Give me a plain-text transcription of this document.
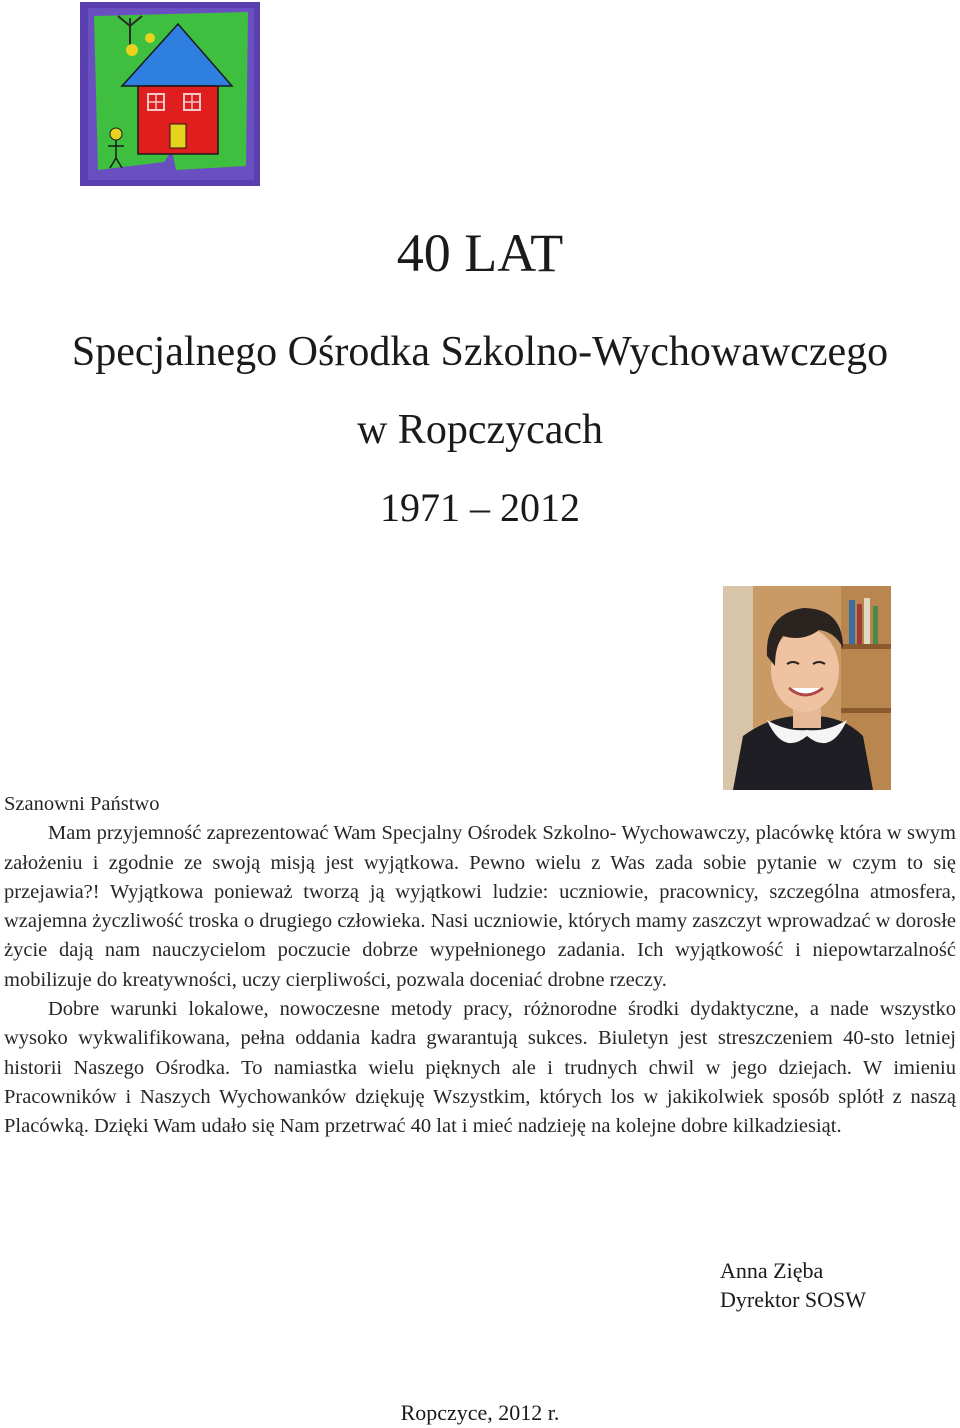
40 LAT
Specjalnego Ośrodka Szkolno-Wychowawczego
w Ropczycach
1971 – 2012

Szanowni Państwo

Mam przyjemność zaprezentować Wam Specjalny Ośrodek Szkolno- Wychowawczy, placówkę która w swym założeniu i zgodnie ze swoją misją jest wyjątkowa. Pewno wielu z Was zada sobie pytanie w czym to się przejawia?! Wyjątkowa ponieważ tworzą ją wyjątkowi ludzie: uczniowie, pracownicy, szczególna atmosfera, wzajemna życzliwość troska o drugiego człowieka. Nasi uczniowie, których mamy zaszczyt wprowadzać w dorosłe życie dają nam nauczycielom poczucie dobrze wypełnionego zadania. Ich wyjątkowość i niepowtarzalność mobilizuje do kreatywności, uczy cierpliwości, pozwala doceniać drobne rzeczy.

Dobre warunki lokalowe, nowoczesne metody pracy, różnorodne środki dydaktyczne, a nade wszystko wysoko wykwalifikowana, pełna oddania kadra gwarantują sukces. Biuletyn jest streszczeniem 40-sto letniej historii Naszego Ośrodka. To namiastka wielu pięknych ale i trudnych chwil w jego dziejach. W imieniu Pracowników i Naszych Wychowanków dziękuję Wszystkim, których los w jakikolwiek sposób splótł z naszą Placówką. Dzięki Wam udało się Nam przetrwać 40 lat i mieć nadzieję na kolejne dobre kilkadziesiąt.

Anna Zięba
Dyrektor SOSW
Ropczyce, 2012 r.
